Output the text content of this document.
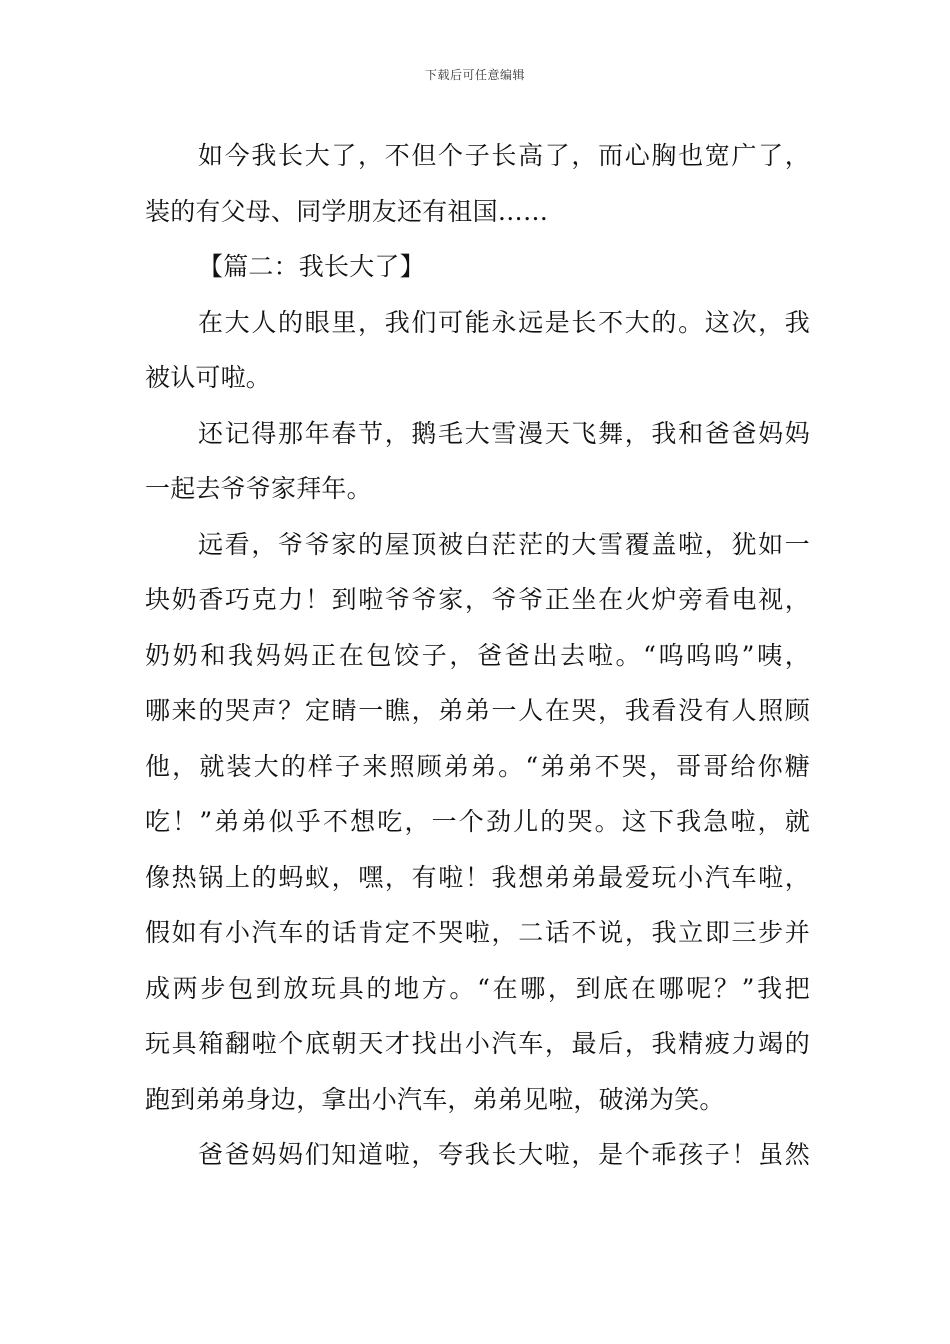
下载后可任意编辑
如今我长大了，不但个子长高了，而心胸也宽广了，
装的有父母、同学朋友还有祖国……
【篇二：我长大了】
在大人的眼里，我们可能永远是长不大的。这次，我
被认可啦。
还记得那年春节，鹅毛大雪漫天飞舞，我和爸爸妈妈
一起去爷爷家拜年。
远看，爷爷家的屋顶被白茫茫的大雪覆盖啦，犹如一
块奶香巧克力！到啦爷爷家，爷爷正坐在火炉旁看电视，
奶奶和我妈妈正在包饺子，爸爸出去啦。“呜呜呜”咦，
哪来的哭声？定睛一瞧，弟弟一人在哭，我看没有人照顾
他，就装大的样子来照顾弟弟。“弟弟不哭，哥哥给你糖
吃！”弟弟似乎不想吃，一个劲儿的哭。这下我急啦，就
像热锅上的蚂蚁，嘿，有啦！我想弟弟最爱玩小汽车啦，
假如有小汽车的话肯定不哭啦，二话不说，我立即三步并
成两步包到放玩具的地方。“在哪，到底在哪呢？”我把
玩具箱翻啦个底朝天才找出小汽车，最后，我精疲力竭的
跑到弟弟身边，拿出小汽车，弟弟见啦，破涕为笑。
爸爸妈妈们知道啦，夸我长大啦，是个乖孩子！虽然
